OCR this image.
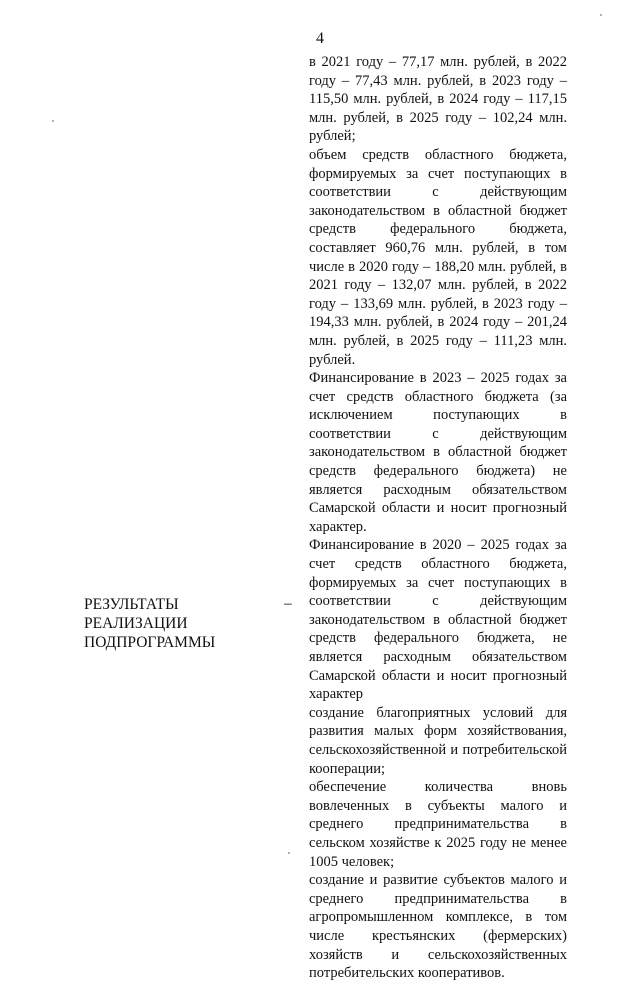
4

в 2021 году – 77,17 млн. рублей, в 2022 году – 77,43 млн. рублей, в 2023 году – 115,50 млн. рублей, в 2024 году – 117,15 млн. рублей, в 2025 году – 102,24 млн. рублей;

объем средств областного бюджета, формируемых за счет поступающих в соответствии с действующим законодательством в областной бюджет средств федерального бюджета, составляет 960,76 млн. рублей, в том числе в 2020 году – 188,20 млн. рублей, в 2021 году – 132,07 млн. рублей, в 2022 году – 133,69 млн. рублей, в 2023 году – 194,33 млн. рублей, в 2024 году – 201,24 млн. рублей, в 2025 году – 111,23 млн. рублей.

Финансирование в 2023 – 2025 годах за счет средств областного бюджета (за исключением поступающих в соответствии с действующим законодательством в областной бюджет средств федерального бюджета) не является расходным обязательством Самарской области и носит прогнозный характер.

Финансирование в 2020 – 2025 годах за счет средств областного бюджета, формируемых за счет поступающих в соответствии с действующим законодательством в областной бюджет средств федерального бюджета, не является расходным обязательством Самарской области и носит прогнозный характер

создание благоприятных условий для развития малых форм хозяйствования, сельскохозяйственной и потребительской кооперации;

обеспечение количества вновь вовлеченных в субъекты малого и среднего предпринимательства в сельском хозяйстве к 2025 году не менее 1005 человек;

создание и развитие субъектов малого и среднего предпринимательства в агропромышленном комплексе, в том числе крестьянских (фермерских) хозяйств и сельскохозяйственных потребительских кооперативов.

РЕЗУЛЬТАТЫ
РЕАЛИЗАЦИИ
ПОДПРОГРАММЫ
–
